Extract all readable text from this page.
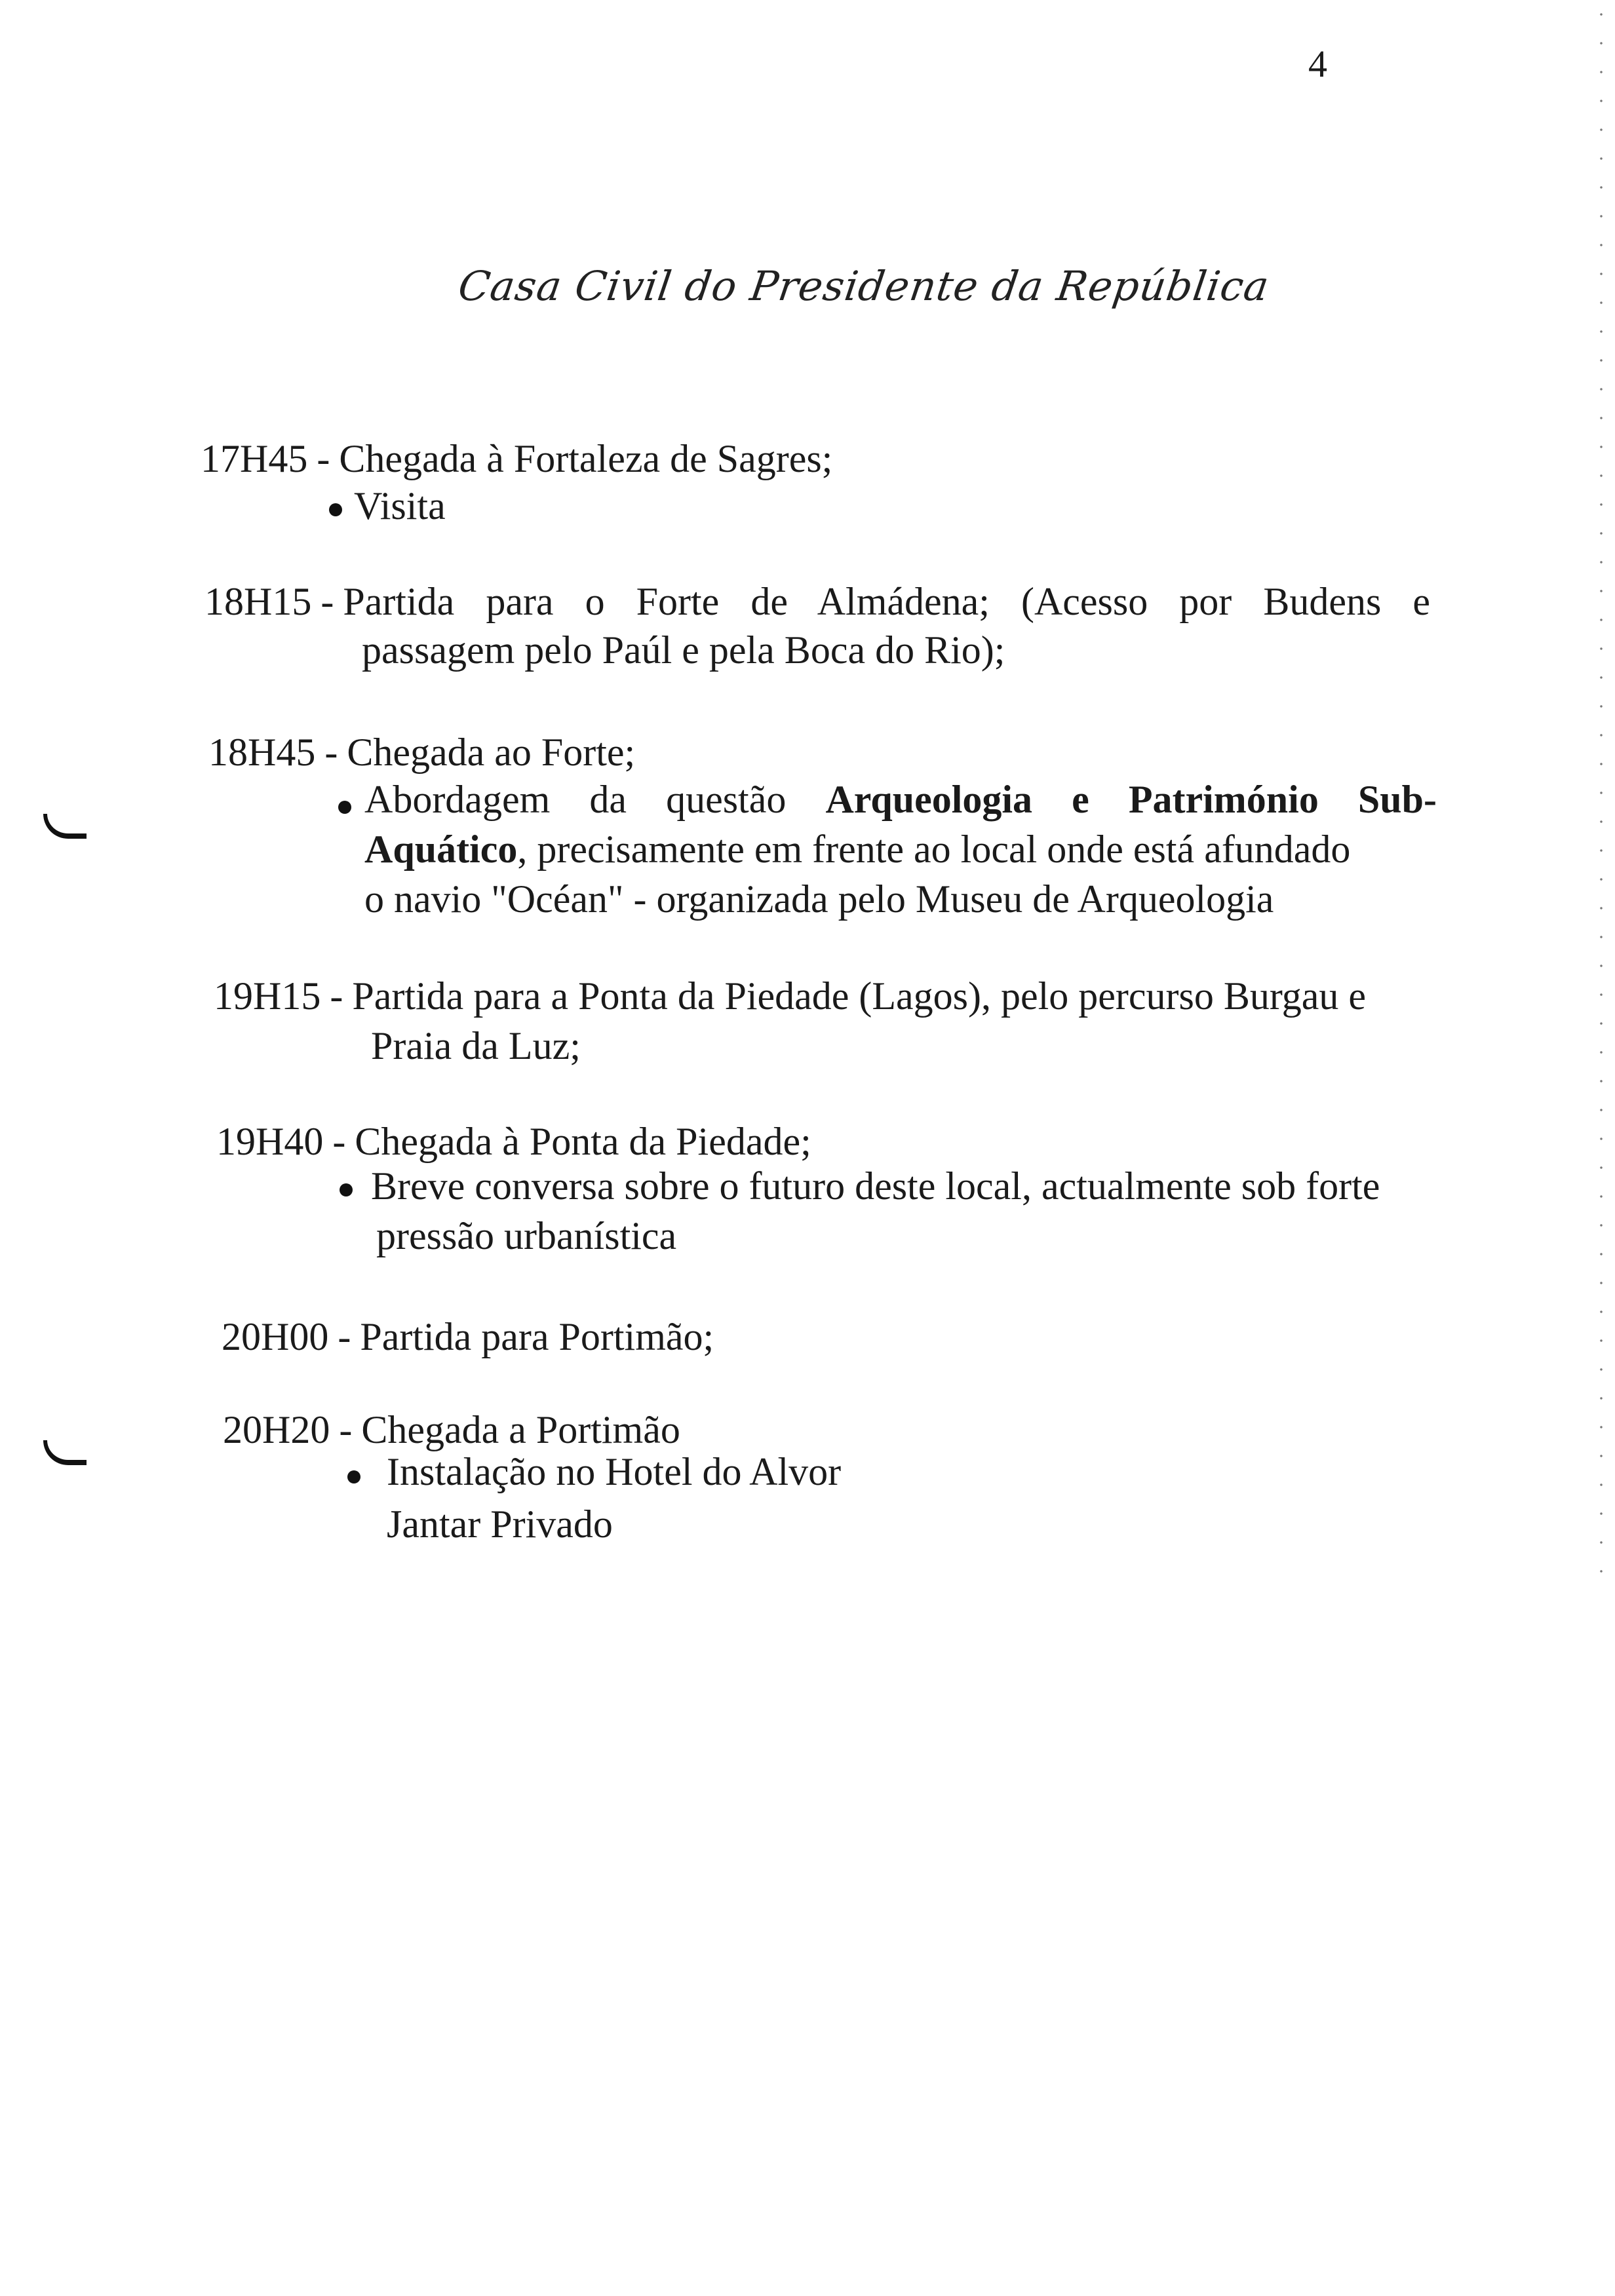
4
Casa Civil do Presidente da República
17H45 - Chegada à Fortaleza de Sagres;
Visita
18H15 - Partida para o Forte de Almádena; (Acesso por Budens e
passagem pelo Paúl e pela Boca do Rio);
18H45 - Chegada ao Forte;
Abordagem da questão Arqueologia e Património Sub-
Aquático, precisamente em frente ao local onde está afundado
o navio "Océan" - organizada pelo Museu de Arqueologia
19H15 - Partida para a Ponta da Piedade (Lagos), pelo percurso Burgau e
Praia da Luz;
19H40 - Chegada à Ponta da Piedade;
Breve conversa sobre o futuro deste local, actualmente sob forte
pressão urbanística
20H00 - Partida para Portimão;
20H20 - Chegada a Portimão
Instalação no Hotel do Alvor
Jantar Privado
